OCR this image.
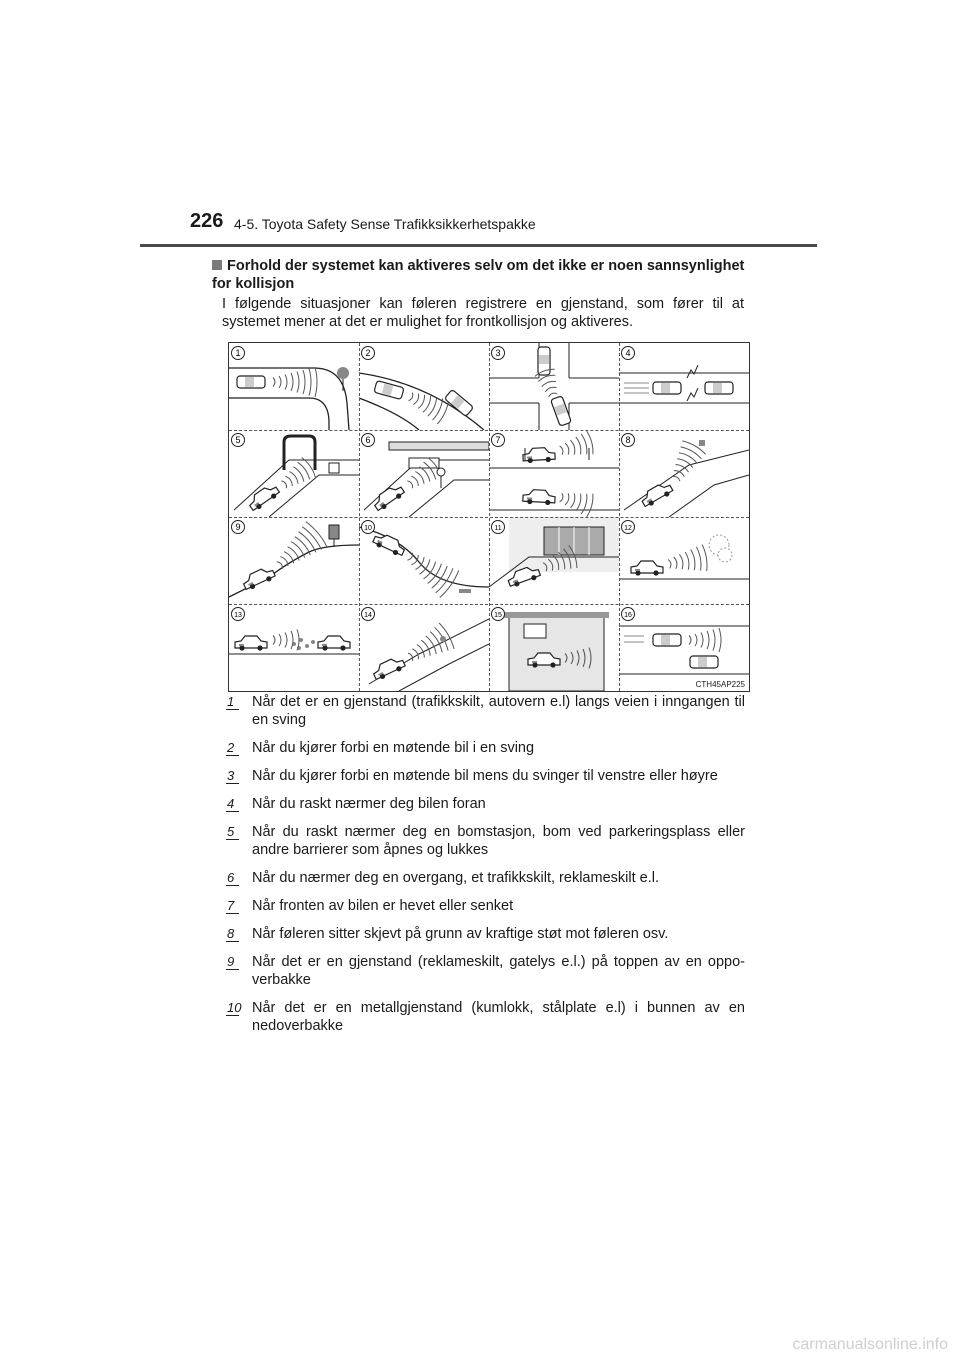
226 4-5. Toyota Safety Sense Trafikksikkerhetspakke
Forhold der systemet kan aktiveres selv om det ikke er noen sannsynlighet for kollisjon
I følgende situasjoner kan føleren registrere en gjenstand, som fører til at systemet mener at det er mulighet for frontkollisjon og aktiveres.
1	2	3	4
5	6	7	8
9	10	11	12
13	14	15	16
CTH45AP225
1 Når det er en gjenstand (trafikkskilt, autovern e.l) langs veien i inngangen til en sving
2 Når du kjører forbi en møtende bil i en sving
3 Når du kjører forbi en møtende bil mens du svinger til venstre eller høyre
4 Når du raskt nærmer deg bilen foran
5 Når du raskt nærmer deg en bomstasjon, bom ved parkeringsplass eller andre barrierer som åpnes og lukkes
6 Når du nærmer deg en overgang, et trafikkskilt, reklameskilt e.l.
7 Når fronten av bilen er hevet eller senket
8 Når føleren sitter skjevt på grunn av kraftige støt mot føleren osv.
9 Når det er en gjenstand (reklameskilt, gatelys e.l.) på toppen av en oppo-verbakke
10 Når det er en metallgjenstand (kumlokk, stålplate e.l) i bunnen av en nedoverbakke
carmanualsonline.info
